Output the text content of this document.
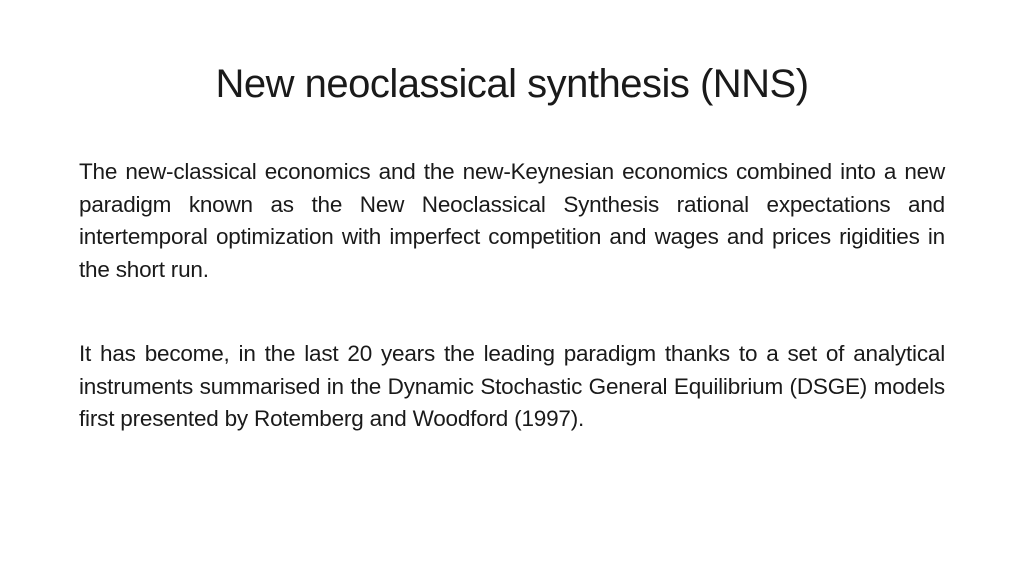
New neoclassical synthesis (NNS)

The new-classical economics and the new-Keynesian economics combined into a new paradigm known as the New Neoclassical Synthesis rational expectations and intertemporal optimization with imperfect competition and wages and prices rigidities in the short run.

It has become, in the last 20 years the leading paradigm thanks to a set of analytical instruments summarised in the Dynamic Stochastic General Equilibrium (DSGE) models first presented by Rotemberg and Woodford (1997).
